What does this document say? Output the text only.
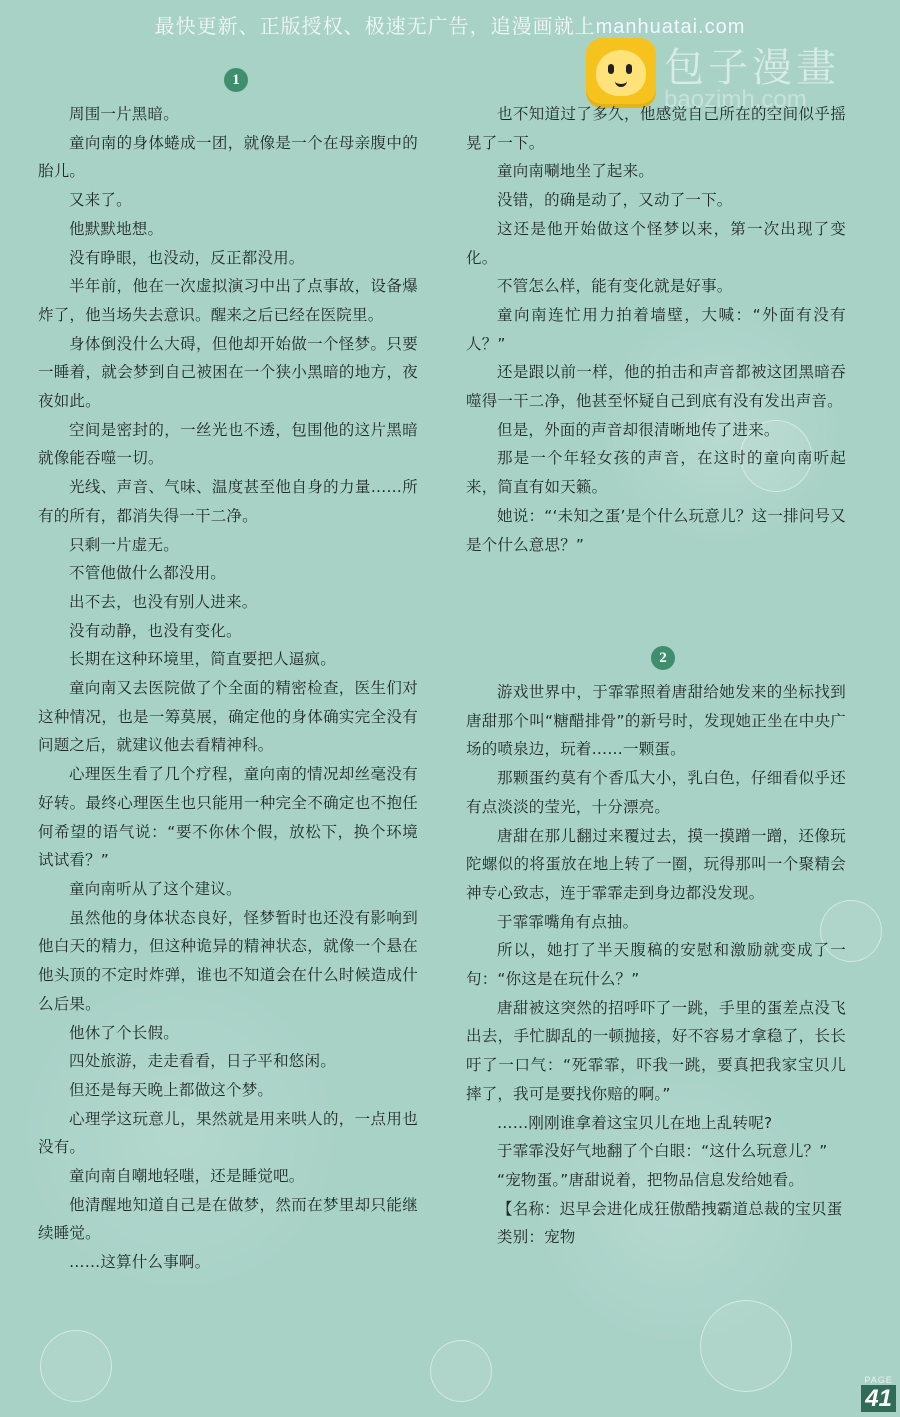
最快更新、正版授权、极速无广告，追漫画就上manhuatai.com
包子漫畫
baozimh.com
1
2

周围一片黑暗。

童向南的身体蜷成一团，就像是一个在母亲腹中的胎儿。

又来了。

他默默地想。

没有睁眼，也没动，反正都没用。

半年前，他在一次虚拟演习中出了点事故，设备爆炸了，他当场失去意识。醒来之后已经在医院里。

身体倒没什么大碍，但他却开始做一个怪梦。只要一睡着，就会梦到自己被困在一个狭小黑暗的地方，夜夜如此。

空间是密封的，一丝光也不透，包围他的这片黑暗就像能吞噬一切。

光线、声音、气味、温度甚至他自身的力量……所有的所有，都消失得一干二净。

只剩一片虚无。

不管他做什么都没用。

出不去，也没有别人进来。

没有动静，也没有变化。

长期在这种环境里，简直要把人逼疯。

童向南又去医院做了个全面的精密检查，医生们对这种情况，也是一筹莫展，确定他的身体确实完全没有问题之后，就建议他去看精神科。

心理医生看了几个疗程，童向南的情况却丝毫没有好转。最终心理医生也只能用一种完全不确定也不抱任何希望的语气说：“要不你休个假，放松下，换个环境试试看？”

童向南听从了这个建议。

虽然他的身体状态良好，怪梦暂时也还没有影响到他白天的精力，但这种诡异的精神状态，就像一个悬在他头顶的不定时炸弹，谁也不知道会在什么时候造成什么后果。

他休了个长假。

四处旅游，走走看看，日子平和悠闲。

但还是每天晚上都做这个梦。

心理学这玩意儿，果然就是用来哄人的，一点用也没有。

童向南自嘲地轻嗤，还是睡觉吧。

他清醒地知道自己是在做梦，然而在梦里却只能继续睡觉。

……这算什么事啊。

也不知道过了多久，他感觉自己所在的空间似乎摇晃了一下。

童向南唰地坐了起来。

没错，的确是动了，又动了一下。

这还是他开始做这个怪梦以来，第一次出现了变化。

不管怎么样，能有变化就是好事。

童向南连忙用力拍着墙壁，大喊：“外面有没有人？”

还是跟以前一样，他的拍击和声音都被这团黑暗吞噬得一干二净，他甚至怀疑自己到底有没有发出声音。

但是，外面的声音却很清晰地传了进来。

那是一个年轻女孩的声音，在这时的童向南听起来，简直有如天籁。

她说：“‘未知之蛋’是个什么玩意儿？这一排问号又是个什么意思？”

游戏世界中，于霏霏照着唐甜给她发来的坐标找到唐甜那个叫“糖醋排骨”的新号时，发现她正坐在中央广场的喷泉边，玩着……一颗蛋。

那颗蛋约莫有个香瓜大小，乳白色，仔细看似乎还有点淡淡的莹光，十分漂亮。

唐甜在那儿翻过来覆过去，摸一摸蹭一蹭，还像玩陀螺似的将蛋放在地上转了一圈，玩得那叫一个聚精会神专心致志，连于霏霏走到身边都没发现。

于霏霏嘴角有点抽。

所以，她打了半天腹稿的安慰和激励就变成了一句：“你这是在玩什么？”

唐甜被这突然的招呼吓了一跳，手里的蛋差点没飞出去，手忙脚乱的一顿抛接，好不容易才拿稳了，长长吁了一口气：“死霏霏，吓我一跳，要真把我家宝贝儿摔了，我可是要找你赔的啊。”

……刚刚谁拿着这宝贝儿在地上乱转呢?

于霏霏没好气地翻了个白眼：“这什么玩意儿？”

“宠物蛋。”唐甜说着，把物品信息发给她看。

【名称：迟早会进化成狂傲酷拽霸道总裁的宝贝蛋

类别：宠物

PAGE
41
